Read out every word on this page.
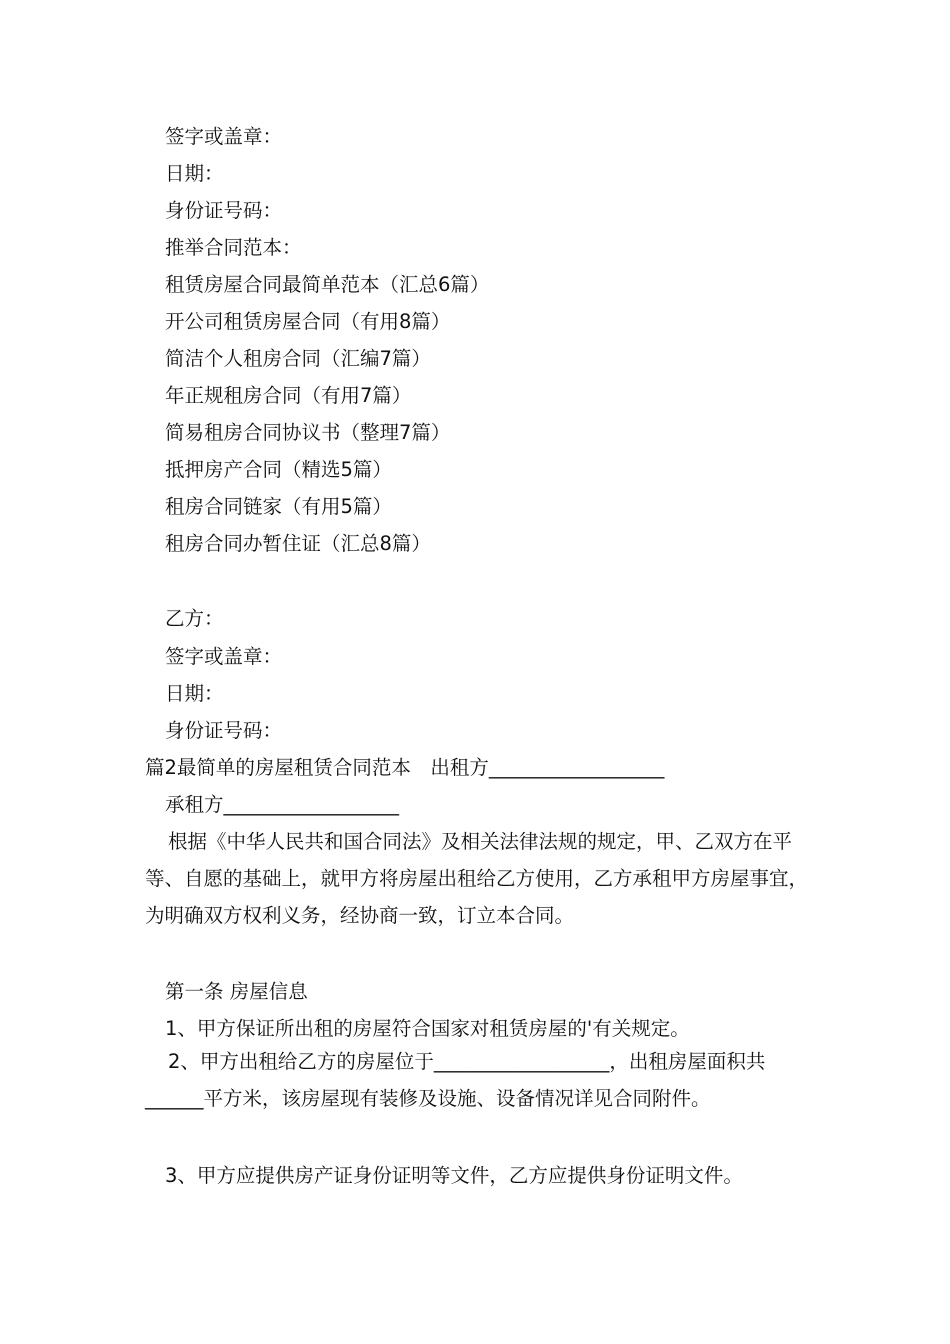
签字或盖章：
日期：
身份证号码：
推举合同范本：
租赁房屋合同最简单范本（汇总6篇）
开公司租赁房屋合同（有用8篇）
简洁个人租房合同（汇编7篇）
年正规租房合同（有用7篇）
简易租房合同协议书（整理7篇）
抵押房产合同（精选5篇）
租房合同链家（有用5篇）
租房合同办暂住证（汇总8篇）
乙方：
签字或盖章：
日期：
身份证号码：
篇2最简单的房屋租赁合同范本　出租方__________________
承租方__________________
根据《中华人民共和国合同法》及相关法律法规的规定，甲、乙双方在平等、自愿的基础上，就甲方将房屋出租给乙方使用，乙方承租甲方房屋事宜，为明确双方权利义务，经协商一致，订立本合同。
第一条 房屋信息
1、甲方保证所出租的房屋符合国家对租赁房屋的'有关规定。
2、甲方出租给乙方的房屋位于__________________，出租房屋面积共______平方米，该房屋现有装修及设施、设备情况详见合同附件。
3、甲方应提供房产证身份证明等文件，乙方应提供身份证明文件。
